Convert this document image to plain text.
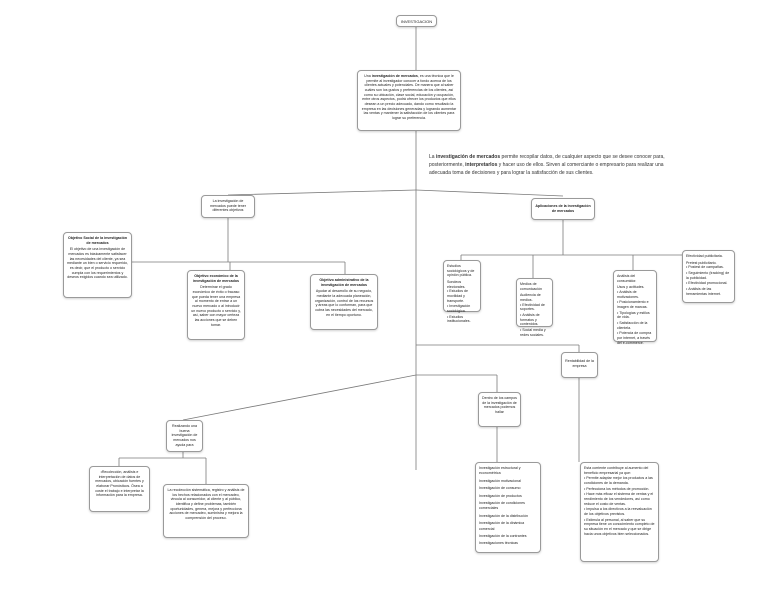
INVESTIGACION
Una investigación de mercados, es una técnica que le permite al investigador conocer a fondo acerca de los clientes actuales y potenciales. De manera que al saber cuáles son los gustos y preferencias de los clientes, así como su ubicación, clase social, educación y ocupación, entre otros aspectos, podrá ofrecer los productos que ellos desean a un precio adecuado, dando como resultado la empresa en las decisiones generadas y logrando aumentar las ventas y mantener la satisfacción de los clientes para lograr su preferencia.
La investigación de mercados permite recopilar datos, de cualquier aspecto que se desee conocer para, posteriormente, interpretarlos y hacer uso de ellos. Sirven al comerciante o empresario para realizar una adecuada toma de decisiones y para lograr la satisfacción de sus clientes.
La investigación de mercados puede tener diferentes objetivos
Objetivo Social de la investigación de mercados
El objetivo de una investigación de mercados es básicamente satisfacer las necesidades del cliente, ya sea mediante un bien o servicio requerido, es decir, que el producto o servicio cumpla con los requerimientos y deseos exigidos cuando sea utilizado.	Objetivo económico de la investigación de mercados
Determinar el grado económico de éxito o fracaso que pueda tener una empresa al momento de entrar a un nuevo mercado o al introducir un nuevo producto o servicio y, así, saber con mayor certeza las acciones que se deben tomar.
Objetivo administrativo de la investigación de mercados
Ayudar al desarrollo de su negocio, mediante la adecuada planeación, organización, control de los recursos y áreas que lo conforman, para que cubra las necesidades del mercado, en el tiempo oportuno.
Aplicaciones de la investigación de mercados
Estudios sociológicos y de opinión pública.
Sondeos electorales.
• Estudios de movilidad y transporte.
• Investigación sociológica.
• Estudios institucionales.
Medios de comunicación
Audiencia de medios.
• Efectividad de soportes.
• Análisis de formatos y contenidos.
• Social media y redes sociales.
Análisis del consumidor.
Usos y actitudes.
• Análisis de motivaciones.
• Posicionamiento e imagen de marcas.
• Tipologías y estilos de vida.
• Satisfacción de la clientela.
• Potencia de compra por internet, a través del e-commerce.
Efectividad publicitaria.
Pretest publicitario.
• Postest de campañas.
• Seguimiento (tracking) de la publicidad.
• Efectividad promocional.
• Análisis de las herramientas internet.
Rentabilidad de la empresa
Dentro de los campos de la investigación de mercados podemos hallar
Investigación estructural y econométrica
Investigación motivacional
Investigación de consumo
Investigación de productos
Investigación de condiciones comerciales
Investigación de la distribución
Investigación de la dinámica comercial
Investigación de la contrantes
Investigaciones técnicas
Esta corriente contribuye al aumento del beneficio empresarial ya que:
• Permite adaptar mejor los productos a las condiciones de la demanda.
• Perfecciona los métodos de promoción.
• Hace más eficaz el sistema de ventas y el rendimiento de los vendedores, así como reduce el costo de ventas.
• Impulsa a los directivos a la reevaluación de los objetivos previstos.
• Estimula al personal, al saber que su empresa tiene un conocimiento completo de su situación en el mercado y que se dirige hacia unos objetivos bien seleccionados.
Realizando una buena investigación de mercados nos ayuda para
•Recolección, análisis e interpretación de datos de mercados, ubicación fuentes y elaborar Pronósticos. Ósea a coste el trabajo e interpretar la información para la empresa.
La recolección sistemática, registro y análisis de los hechos relacionados con el mercadeo, vincula al consumidor, al cliente y al público, identifica y define problemas, también oportunidades, genera, mejora y perfecciona acciones de mercadeo, suministra y mejora la comprensión del proceso.
